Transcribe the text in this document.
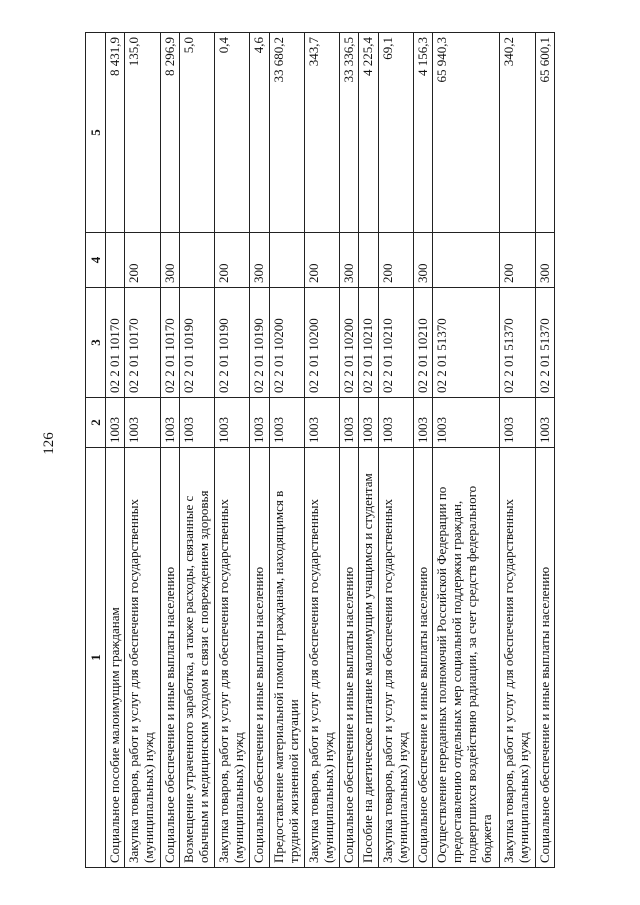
126
1	2	3	4	5
Социальное пособие малоимущим гражданам	1003	02 2 01 10170		8 431,9
Закупка товаров, работ и услуг для обеспечения государственных (муниципальных) нужд	1003	02 2 01 10170	200	135,0
Социальное обеспечение и иные выплаты населению	1003	02 2 01 10170	300	8 296,9
Возмещение утраченного заработка, а также расходы, связанные с обычным и медицинским уходом в связи с повреждением здоровья	1003	02 2 01 10190		5,0
Закупка товаров, работ и услуг для обеспечения государственных (муниципальных) нужд	1003	02 2 01 10190	200	0,4
Социальное обеспечение и иные выплаты населению	1003	02 2 01 10190	300	4,6
Предоставление материальной помощи гражданам, находящимся в трудной жизненной ситуации	1003	02 2 01 10200		33 680,2
Закупка товаров, работ и услуг для обеспечения государственных (муниципальных) нужд	1003	02 2 01 10200	200	343,7
Социальное обеспечение и иные выплаты населению	1003	02 2 01 10200	300	33 336,5
Пособие на диетическое питание малоимущим учащимся и студентам	1003	02 2 01 10210		4 225,4
Закупка товаров, работ и услуг для обеспечения государственных (муниципальных) нужд	1003	02 2 01 10210	200	69,1
Социальное обеспечение и иные выплаты населению	1003	02 2 01 10210	300	4 156,3
Осуществление переданных полномочий Российской Федерации по предоставлению отдельных мер социальной поддержки граждан, подвергшихся воздействию радиации, за счет средств федерального бюджета	1003	02 2 01 51370		65 940,3
Закупка товаров, работ и услуг для обеспечения государственных (муниципальных) нужд	1003	02 2 01 51370	200	340,2
Социальное обеспечение и иные выплаты населению	1003	02 2 01 51370	300	65 600,1
